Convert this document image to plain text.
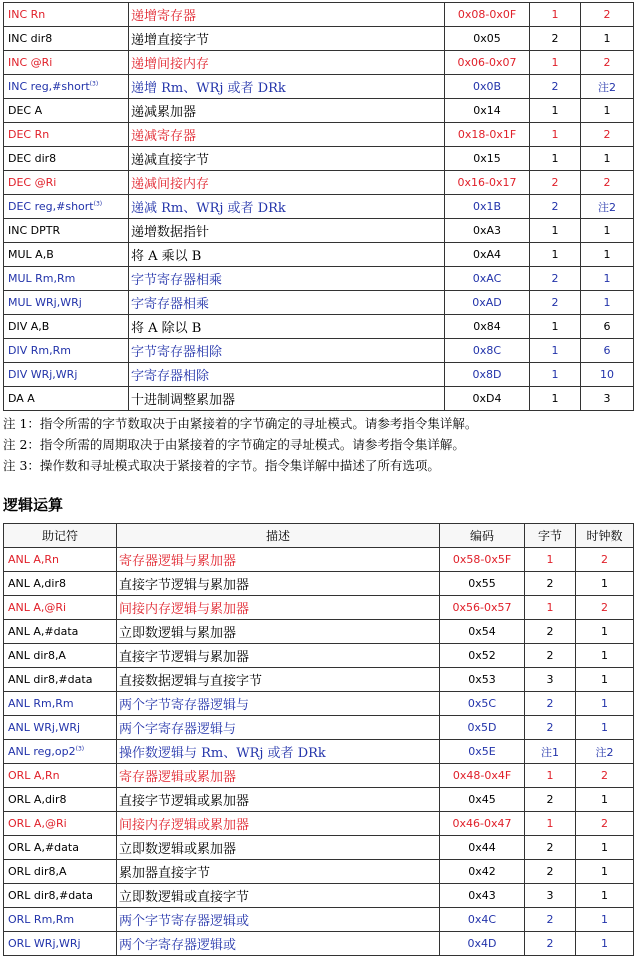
INC Rn	递增寄存器	0x08-0x0F	1	2
INC dir8	递增直接字节	0x05	2	1
INC @Ri	递增间接内存	0x06-0x07	1	2
INC reg,#short$^{(3)}$	递增 Rm、WRj 或者 DRk	0x0B	2	注2
DEC A	递减累加器	0x14	1	1
DEC Rn	递减寄存器	0x18-0x1F	1	2
DEC dir8	递减直接字节	0x15	1	1
DEC @Ri	递减间接内存	0x16-0x17	2	2
DEC reg,#short$^{(3)}$	递减 Rm、WRj 或者 DRk	0x1B	2	注2
INC DPTR	递增数据指针	0xA3	1	1
MUL A,B	将 A 乘以 B	0xA4	1	1
MUL Rm,Rm	字节寄存器相乘	0xAC	2	1
MUL WRj,WRj	字寄存器相乘	0xAD	2	1
DIV A,B	将 A 除以 B	0x84	1	6
DIV Rm,Rm	字节寄存器相除	0x8C	1	6
DIV WRj,WRj	字寄存器相除	0x8D	1	10
DA A	十进制调整累加器	0xD4	1	3
注 1：指令所需的字节数取决于由紧接着的字节确定的寻址模式。请参考指令集详解。
注 2：指令所需的周期取决于由紧接着的字节确定的寻址模式。请参考指令集详解。
注 3：操作数和寻址模式取决于紧接着的字节。指令集详解中描述了所有选项。
逻辑运算
助记符	描述	编码	字节	时钟数
ANL A,Rn	寄存器逻辑与累加器	0x58-0x5F	1	2
ANL A,dir8	直接字节逻辑与累加器	0x55	2	1
ANL A,@Ri	间接内存逻辑与累加器	0x56-0x57	1	2
ANL A,#data	立即数逻辑与累加器	0x54	2	1
ANL dir8,A	直接字节逻辑与累加器	0x52	2	1
ANL dir8,#data	直接数据逻辑与直接字节	0x53	3	1
ANL Rm,Rm	两个字节寄存器逻辑与	0x5C	2	1
ANL WRj,WRj	两个字寄存器逻辑与	0x5D	2	1
ANL reg,op2$^{(3)}$	操作数逻辑与 Rm、WRj 或者 DRk	0x5E	注1	注2
ORL A,Rn	寄存器逻辑或累加器	0x48-0x4F	1	2
ORL A,dir8	直接字节逻辑或累加器	0x45	2	1
ORL A,@Ri	间接内存逻辑或累加器	0x46-0x47	1	2
ORL A,#data	立即数逻辑或累加器	0x44	2	1
ORL dir8,A	累加器直接字节	0x42	2	1
ORL dir8,#data	立即数逻辑或直接字节	0x43	3	1
ORL Rm,Rm	两个字节寄存器逻辑或	0x4C	2	1
ORL WRj,WRj	两个字寄存器逻辑或	0x4D	2	1
